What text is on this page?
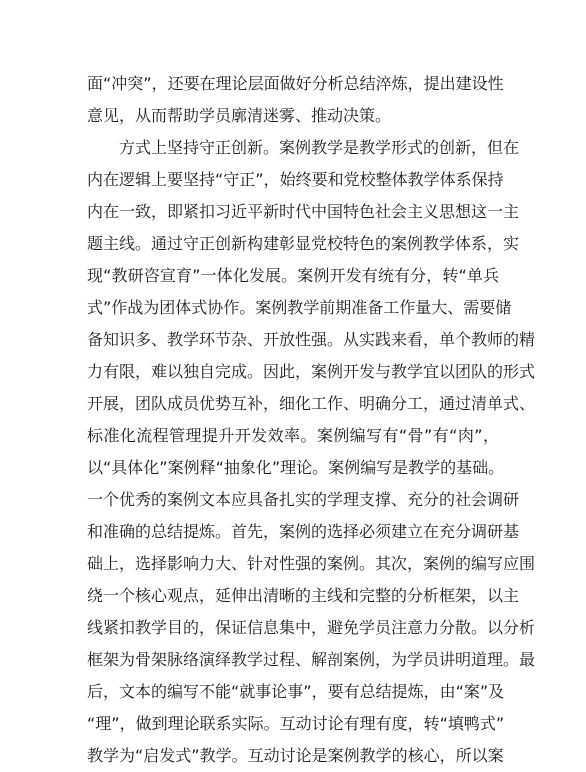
面“冲突”，还要在理论层面做好分析总结淬炼，提出建设性
意见，从而帮助学员廓清迷雾、推动决策。
方式上坚持守正创新。案例教学是教学形式的创新，但在
内在逻辑上要坚持“守正”，始终要和党校整体教学体系保持
内在一致，即紧扣习近平新时代中国特色社会主义思想这一主
题主线。通过守正创新构建彰显党校特色的案例教学体系，实
现“教研咨宣育”一体化发展。案例开发有统有分，转“单兵
式”作战为团体式协作。案例教学前期准备工作量大、需要储
备知识多、教学环节杂、开放性强。从实践来看，单个教师的精
力有限，难以独自完成。因此，案例开发与教学宜以团队的形式
开展，团队成员优势互补，细化工作、明确分工，通过清单式、
标准化流程管理提升开发效率。案例编写有“骨”有“肉”，
以“具体化”案例释“抽象化”理论。案例编写是教学的基础。
一个优秀的案例文本应具备扎实的学理支撑、充分的社会调研
和准确的总结提炼。首先，案例的选择必须建立在充分调研基
础上，选择影响力大、针对性强的案例。其次，案例的编写应围
绕一个核心观点，延伸出清晰的主线和完整的分析框架，以主
线紧扣教学目的，保证信息集中，避免学员注意力分散。以分析
框架为骨架脉络演绎教学过程、解剖案例，为学员讲明道理。最
后，文本的编写不能“就事论事”，要有总结提炼，由“案”及
“理”，做到理论联系实际。互动讨论有理有度，转“填鸭式”
教学为“启发式”教学。互动讨论是案例教学的核心，所以案
